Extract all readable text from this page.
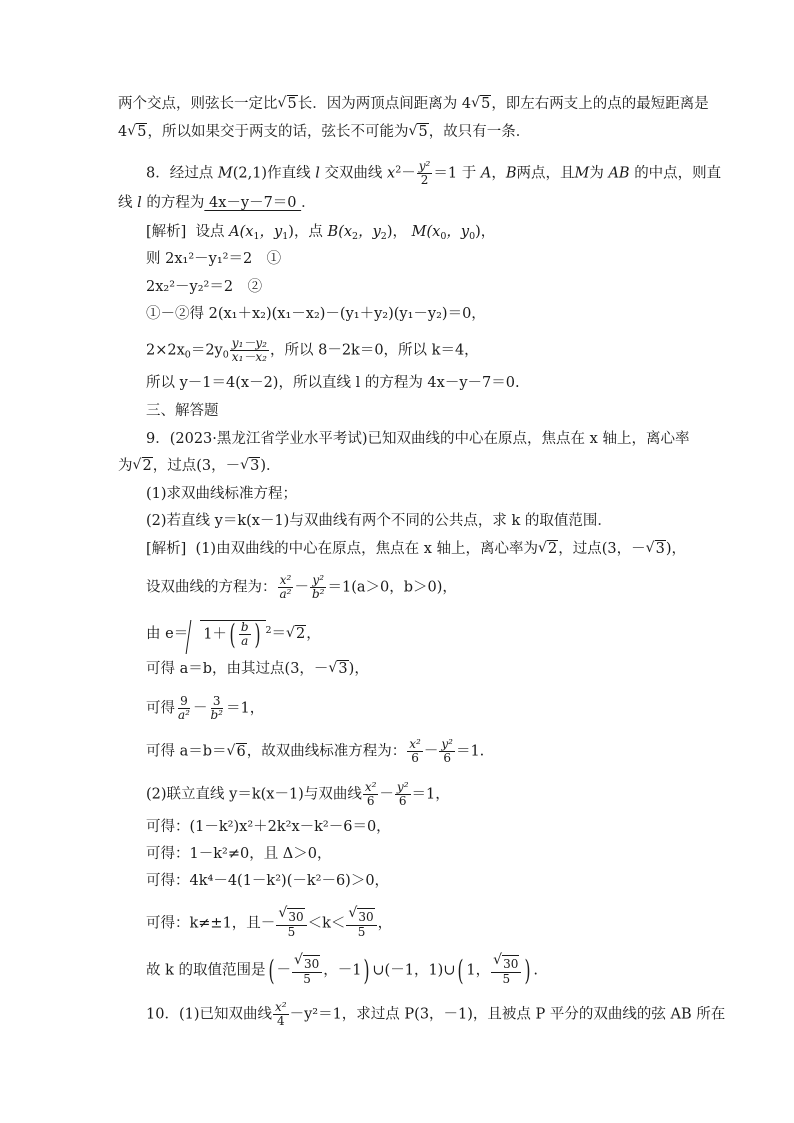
两个交点，则弦长一定比 √ 5长．因为两顶点间距离为 4 √ 5，即左右两支上的点的最短距离是
4 √ 5，所以如果交于两支的话，弦长不可能为 √ 5，故只有一条．
8．经过点 M(2,1)作直线 l 交双曲线 $x^2- \frac{\text{y²}}{2} =1$ 于 A，B两点，且M为 AB 的中点，则直
线 l 的方程为 4x－y－7＝0 ．
[解析] 设点 $A(x_1$，$y_1$)，点 $B(x_2$，$y_2$)， $M(x_0$，$y_0$)，
则 2x₁²－y₁²＝2　①
2x₂²－y₂²＝2　②
①－②得 2(x₁＋x₂)(x₁－x₂)－(y₁＋y₂)(y₁－y₂)＝0，
$2\times 2x_0=2y_0 \frac{\text{y₁－y₂}}{\text{x₁－x₂}}$ ，所以 8－2k＝0，所以 k＝4，
所以 y－1＝4(x－2)，所以直线 l 的方程为 4x－y－7＝0.
三、解答题
9．(2023·黑龙江省学业水平考试)已知双曲线的中心在原点，焦点在 x 轴上，离心率
为 √ 2，过点(3，－ √ 3)．
(1)求双曲线标准方程；
(2)若直线 y＝k(x－1)与双曲线有两个不同的公共点，求 k 的取值范围．
[解析] (1)由双曲线的中心在原点，焦点在 x 轴上，离心率为 √ 2，过点(3，－ √ 3)，
设双曲线的方程为： $\frac{\text{x²}}{\text{a²}} - \frac{\text{y²}}{\text{b²}} =1(a>0$，b＞0)，
由 $e= 1+( \frac{b}{a}$ ) $^2$＝ √ 2，
可得 a＝b，由其过点(3，－ √ 3)，
可得 $\frac{9}{\text{a²}} - \frac{3}{\text{b²}} =1$，
可得 a＝b＝ √ 6，故双曲线标准方程为： $\frac{\text{x²}}{6} - \frac{\text{y²}}{6} =1$.
(2)联立直线 y＝k(x－1)与双曲线 $\frac{\text{x²}}{6} - \frac{\text{y²}}{6} =1$，
可得：(1－k²)x²＋2k²x－k²－6＝0，
可得：1－k²≠0，且 Δ＞0，
可得：4k⁴－4(1－k²)(－k²－6)＞0，
可得：k≠±1，且－ √ $\frac{30}{5} <k<$ √ $\frac{30}{5}$ ，
故 k 的取值范围是( － √ $\frac{30}{5}$ ，－1) ∪(－1，1)∪( 1， √ $\frac{30}{5}$ ) .
10．(1)已知双曲线 $\frac{\text{x²}}{4} -y^2=1$，求过点 P(3，－1)，且被点 P 平分的双曲线的弦 AB 所在
